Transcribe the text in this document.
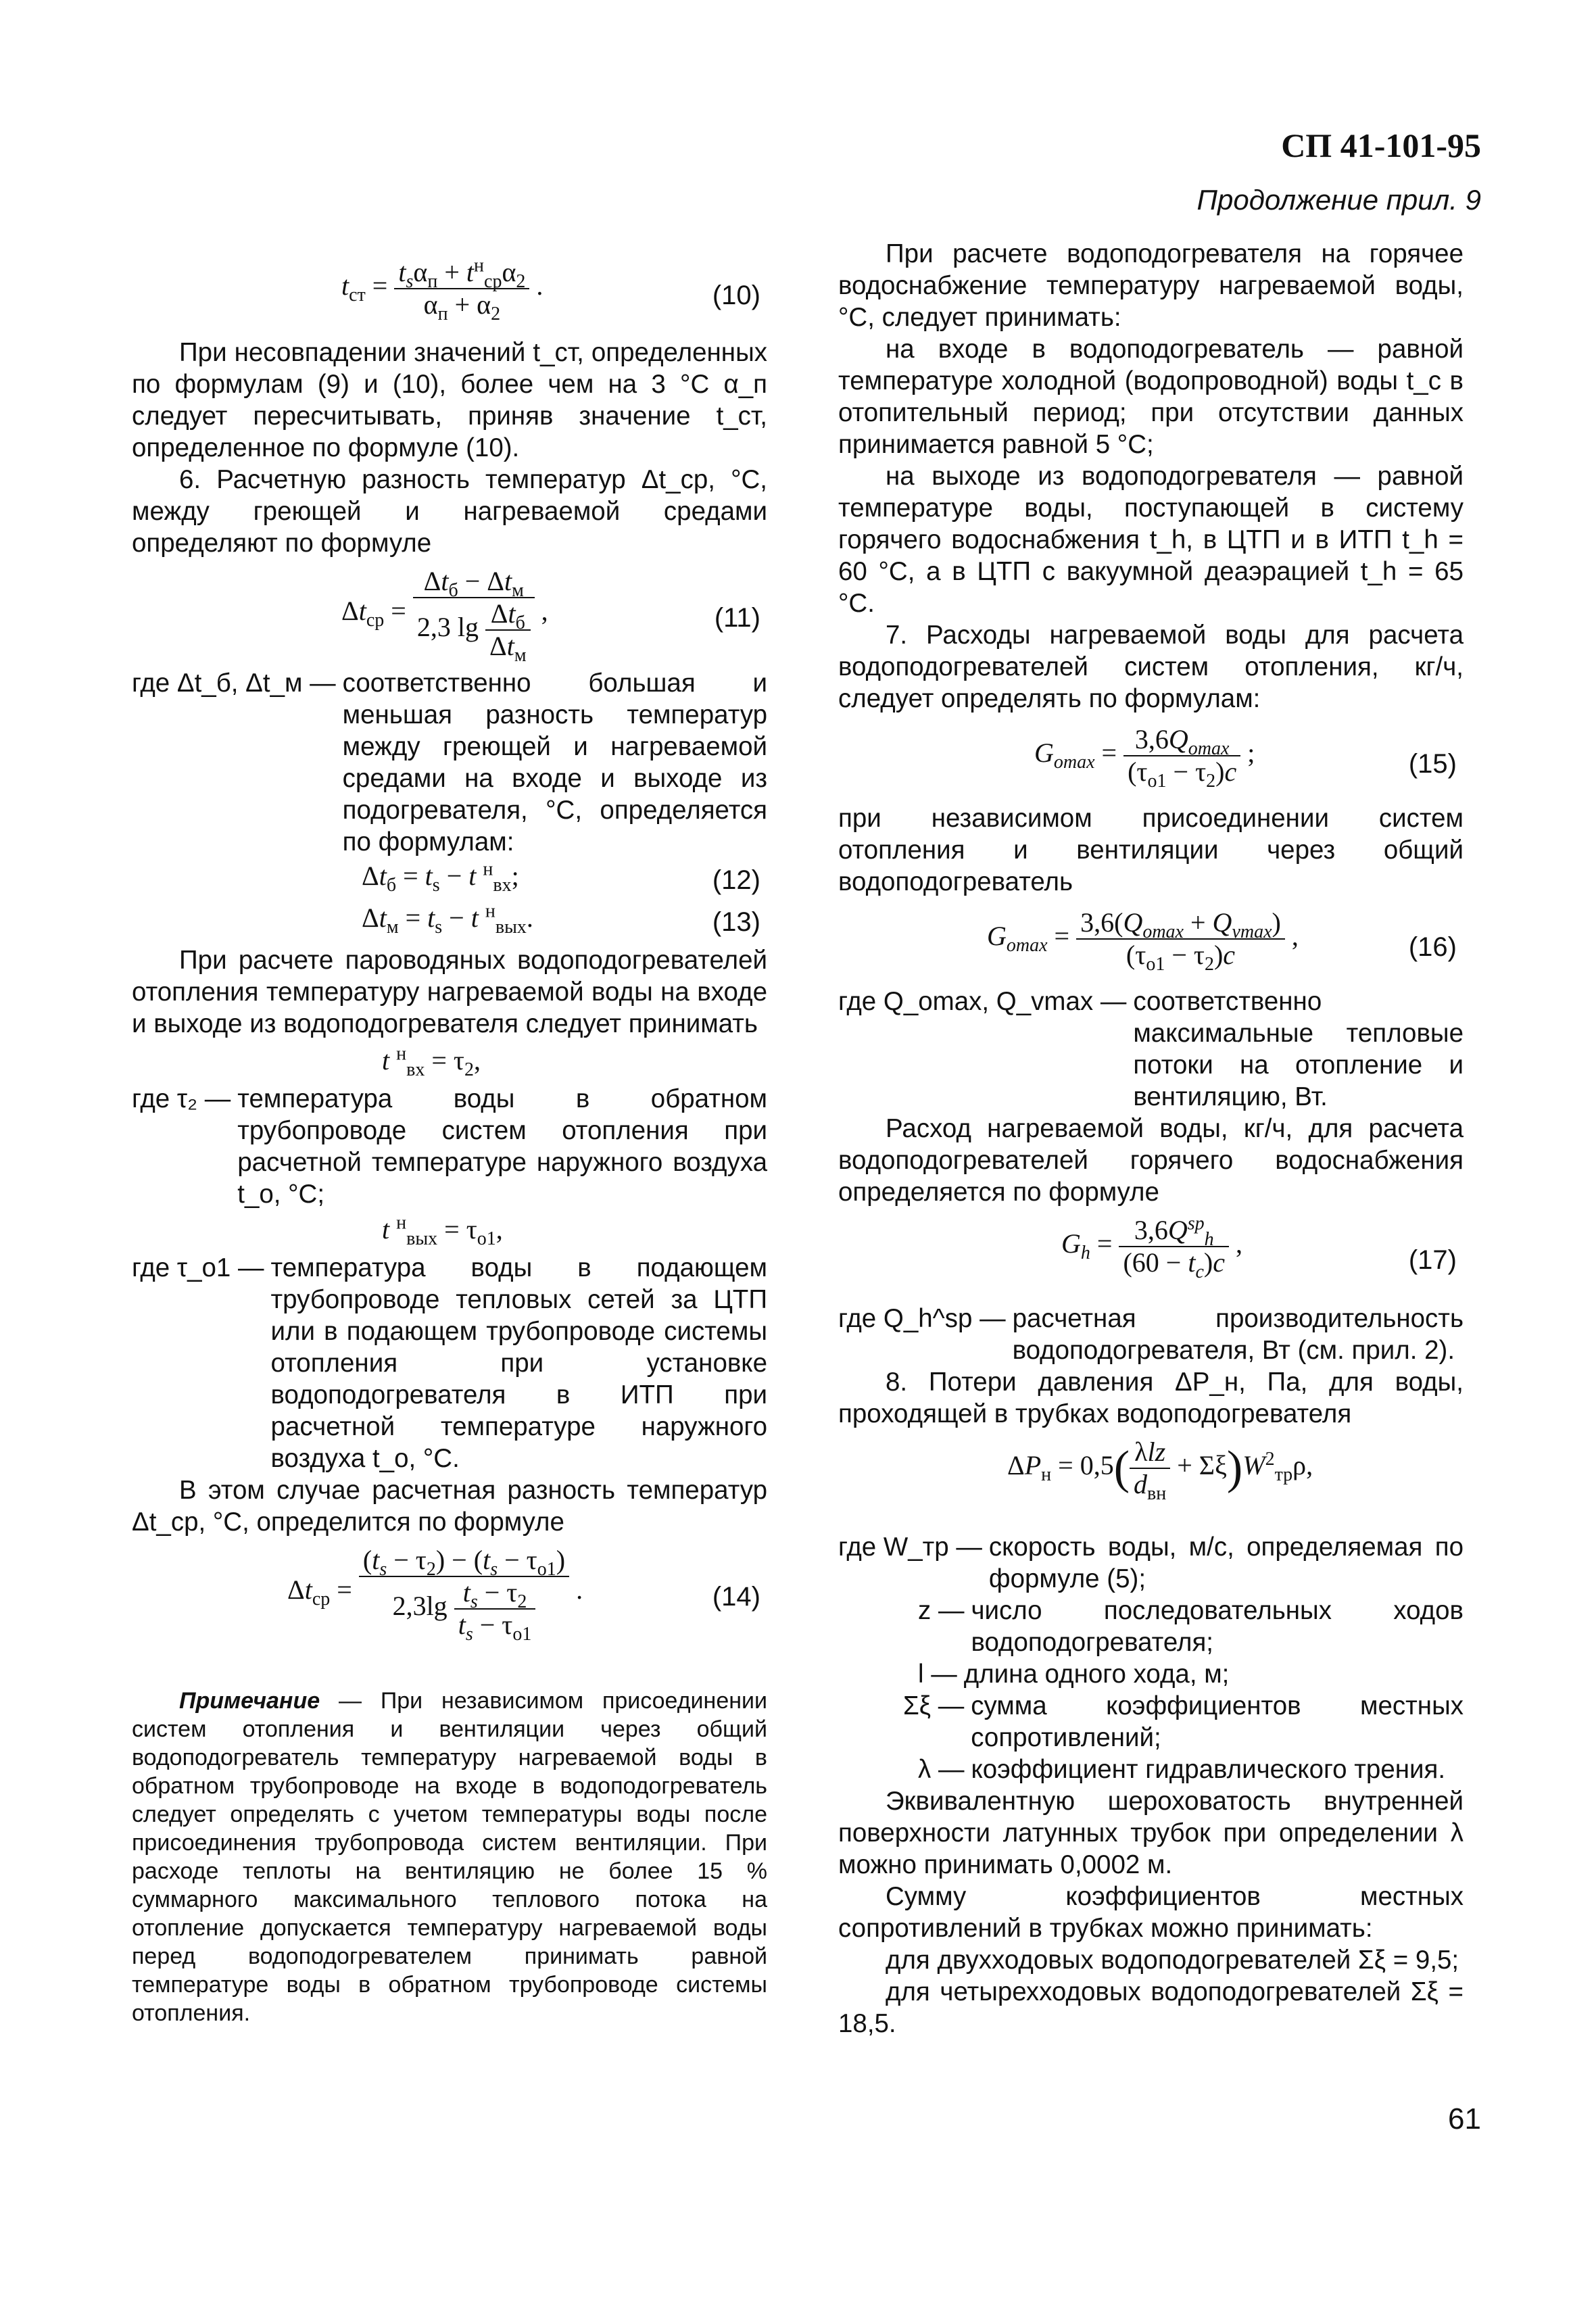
СП 41-101-95
Продолжение прил. 9
$t_{ст} = \frac{t_s\alpha_п + t^н_{ср}\alpha_2}{\alpha_п + \alpha_2}$ .	(10)

При несовпадении значений t_ст, определенных по формулам (9) и (10), более чем на 3 °С α_п следует пересчитывать, приняв значение t_ст, определенное по формуле (10).

6. Расчетную разность температур Δt_ср, °С, между греющей и нагреваемой средами определяют по формуле

$\Delta t_{ср} = \frac{\Delta t_б - \Delta t_м}{2,3 \lg \frac{\Delta t_б}{\Delta t_м}}$ ,	(11)
где Δt_б, Δt_м — соответственно большая и меньшая разность температур между греющей и нагреваемой средами на входе и выходе из подогревателя, °С, определяется по формулам:
$\Delta t_б = t_s - t$ $^н_{вх}$;	(12)
$\Delta t_м = t_s - t$ $^н_{вых}$.	(13)

При расчете пароводяных водоподогревателей отопления температуру нагреваемой воды на входе и выходе из водоподогревателя следует принимать

t $^н_{вх} = \tau_2$,
где τ₂ — температура воды в обратном трубопроводе систем отопления при расчетной температуре наружного воздуха t_о, °С;
t $^н_{вых} = \tau_{о1}$,
где τ_о1 — температура воды в подающем трубопроводе тепловых сетей за ЦТП или в подающем трубопроводе системы отопления при установке водоподогревателя в ИТП при расчетной температуре наружного воздуха t_о, °С.

В этом случае расчетная разность температур Δt_ср, °С, определится по формуле

$\Delta t_{ср} = \frac{(t_s - \tau_2) - (t_s - \tau_{о1})}{2,3\lg \frac{t_s - \tau_2}{t_s - \tau_{о1}}}$ .	(14)

Примечание — При независимом присоединении систем отопления и вентиляции через общий водоподогреватель температуру нагреваемой воды в обратном трубопроводе на входе в водоподогреватель следует определять с учетом температуры воды после присоединения трубопровода систем вентиляции. При расходе теплоты на вентиляцию не более 15 % суммарного максимального теплового потока на отопление допускается температуру нагреваемой воды перед водоподогревателем принимать равной температуре воды в обратном трубопроводе системы отопления.

При расчете водоподогревателя на горячее водоснабжение температуру нагреваемой воды, °С, следует принимать:

на входе в водоподогреватель — равной температуре холодной (водопроводной) воды t_c в отопительный период; при отсутствии данных принимается равной 5 °С;

на выходе из водоподогревателя — равной температуре воды, поступающей в систему горячего водоснабжения t_h, в ЦТП и в ИТП t_h = 60 °С, а в ЦТП с вакуумной деаэрацией t_h = 65 °С.

7. Расходы нагреваемой воды для расчета водоподогревателей систем отопления, кг/ч, следует определять по формулам:

$G_{omax} = \frac{3,6Q_{omax}}{(\tau_{о1} - \tau_2)c}$ ;	(15)

при независимом присоединении систем отопления и вентиляции через общий водоподогреватель

$G_{omax} = \frac{3,6(Q_{omax} + Q_{vmax})}{(\tau_{о1} - \tau_2)c}$ ,	(16)
где Q_omax, Q_vmax — соответственно максимальные тепловые потоки на отопление и вентиляцию, Вт.

Расход нагреваемой воды, кг/ч, для расчета водоподогревателей горячего водоснабжения определяется по формуле

$G_h = \frac{3,6Q^{sp}_h}{(60 - t_c)c}$ ,
(17)
где Q_h^sp — расчетная производительность водоподогревателя, Вт (см. прил. 2).

8. Потери давления ΔP_н, Па, для воды, проходящей в трубках водоподогревателя

$\Delta P_н = 0,5( \frac{\text{λlz}}{d_{вн}} + \Sigma\xi)W^2_{тр}\rho$,
где W_тр — скорость воды, м/с, определяемая по формуле (5);
z — число последовательных ходов водоподогревателя;
l — длина одного хода, м;
Σξ — сумма коэффициентов местных сопротивлений;
λ — коэффициент гидравлического трения.

Эквивалентную шероховатость внутренней поверхности латунных трубок при определении λ можно принимать 0,0002 м.

Сумму коэффициентов местных сопротивлений в трубках можно принимать:

для двухходовых водоподогревателей Σξ = 9,5;

для четырехходовых водоподогревателей Σξ = 18,5.

61
